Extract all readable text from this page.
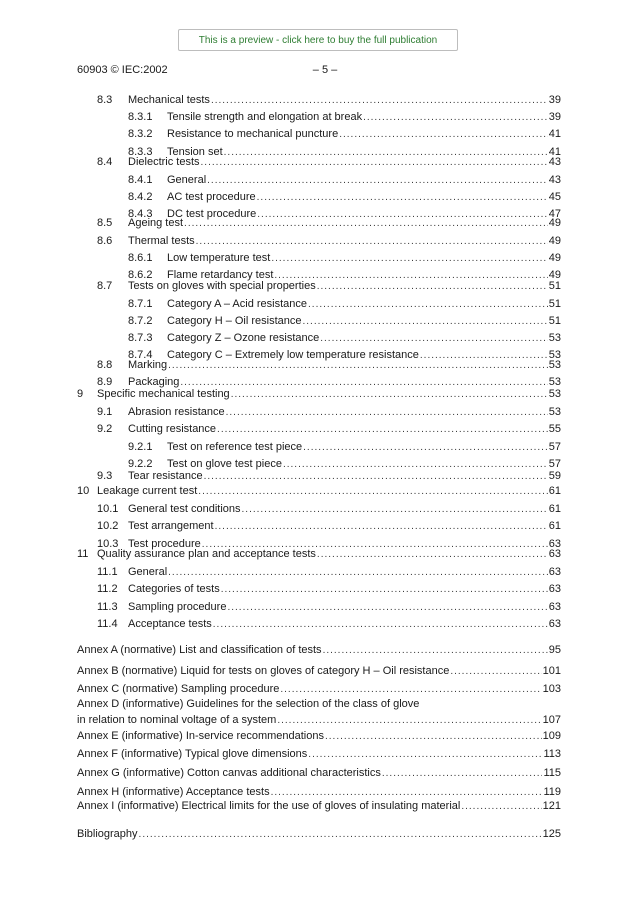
This is a preview - click here to buy the full publication
60903 © IEC:2002	– 5 –
8.3	Mechanical tests .....	39
8.3.1	Tensile strength and elongation at break .....	39
8.3.2	Resistance to mechanical puncture .....	41
8.3.3	Tension set .....	41
8.4	Dielectric tests .....	43
8.4.1	General .....	43
8.4.2	AC test procedure .....	45
8.4.3	DC test procedure .....	47
8.5	Ageing test .....	49
8.6	Thermal tests .....	49
8.6.1	Low temperature test .....	49
8.6.2	Flame retardancy test .....	49
8.7	Tests on gloves with special properties .....	51
8.7.1	Category A – Acid resistance .....	51
8.7.2	Category H – Oil resistance .....	51
8.7.3	Category Z – Ozone resistance .....	53
8.7.4	Category C – Extremely low temperature resistance .....	53
8.8	Marking .....	53
8.9	Packaging .....	53
9	Specific mechanical testing .....	53
9.1	Abrasion resistance .....	53
9.2	Cutting resistance .....	55
9.2.1	Test on reference test piece .....	57
9.2.2	Test on glove test piece .....	57
9.3	Tear resistance .....	59
10 Leakage current test .....	61
10.1 General test conditions .....	61
10.2 Test arrangement .....	61
10.3 Test procedure .....	63
11 Quality assurance plan and acceptance tests .....	63
11.1 General .....	63
11.2 Categories of tests .....	63
11.3 Sampling procedure .....	63
11.4 Acceptance tests .....	63
Annex A (normative) List and classification of tests .....	95
Annex B (normative) Liquid for tests on gloves of category H – Oil resistance .....	101
Annex C (normative) Sampling procedure .....	103
Annex D (informative) Guidelines for the selection of the class of glove
in relation to nominal voltage of a system .....	107
Annex E (informative) In-service recommendations .....	109
Annex F (informative) Typical glove dimensions .....	113
Annex G (informative) Cotton canvas additional characteristics .....	115
Annex H (informative) Acceptance tests .....	119
Annex I (informative) Electrical limits for the use of gloves of insulating material .....	121
Bibliography .....	125
